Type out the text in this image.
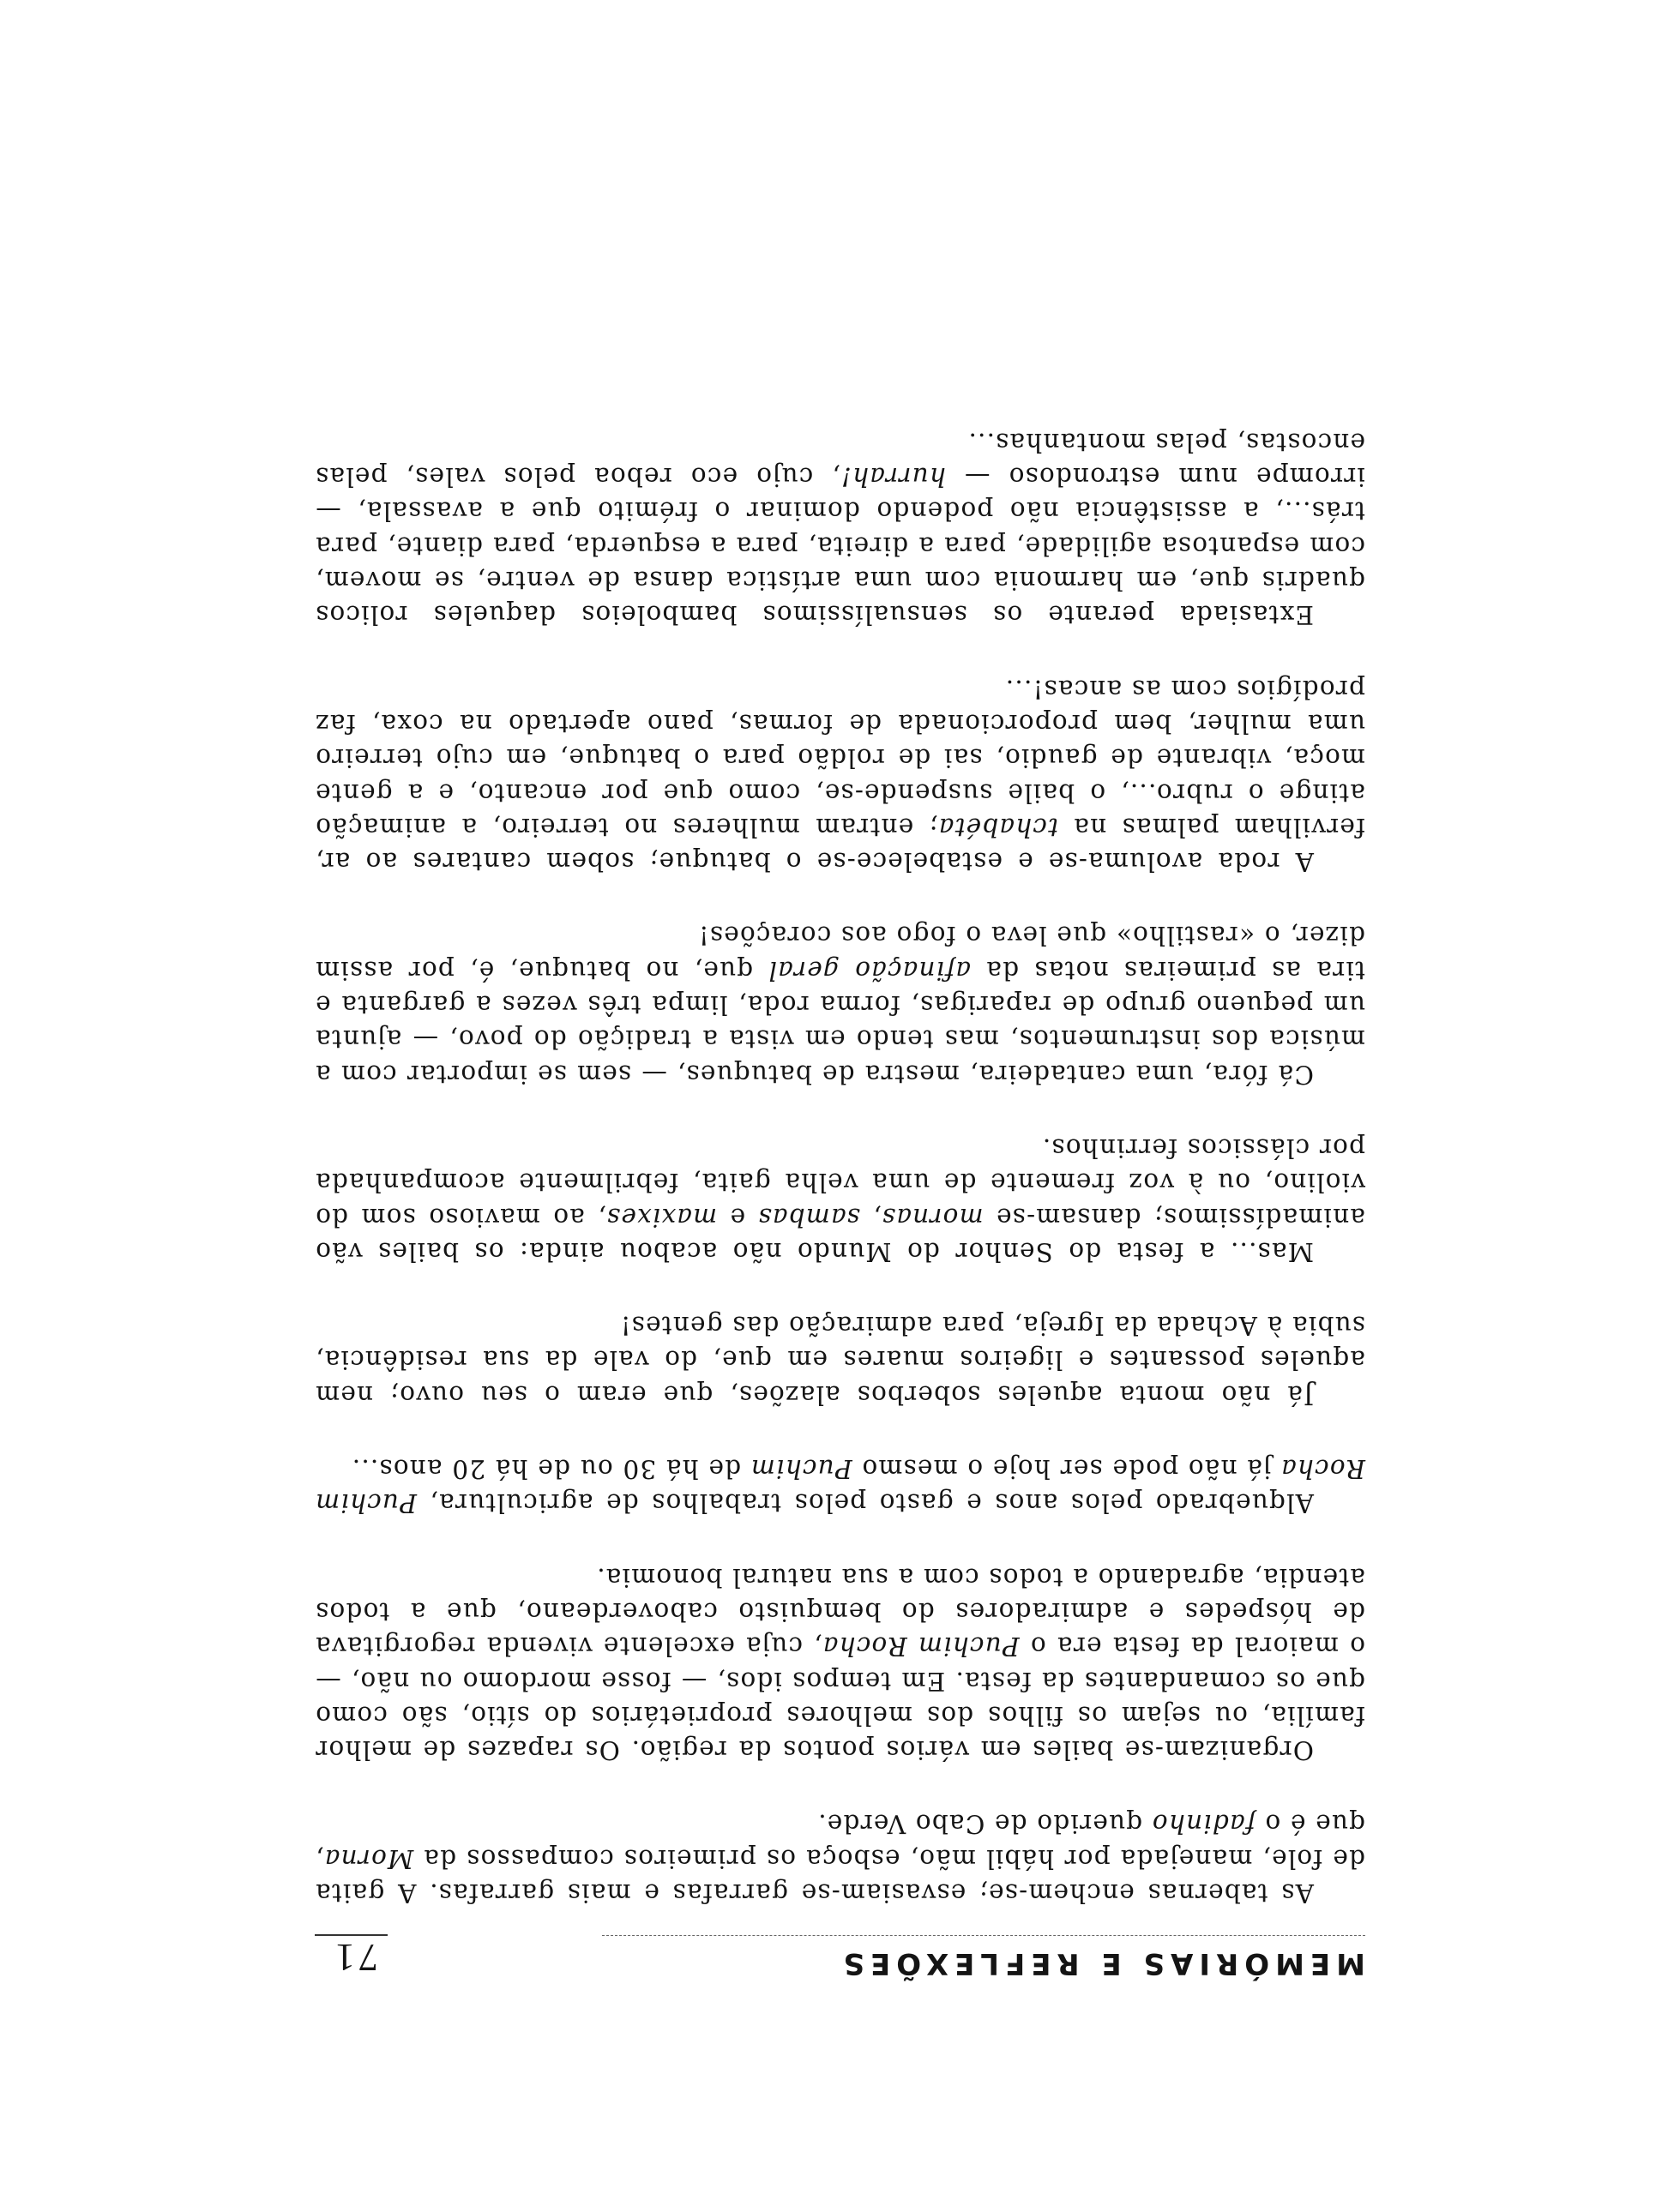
MEMÓRIAS E REFLEXÕES
71

As tabernas enchem-se; esvasiam-se garrafas e mais garrafas. A gaita de fole, manejada por hábil mão, esboça os primeiros compassos da Morna, que é o fadinho querido de Cabo Verde.

Organizam-se bailes em vários pontos da região. Os rapazes de melhor família, ou sejam os filhos dos melhores proprietários do sítio, são como que os comandantes da festa. Em tempos idos, — fosse mordomo ou não, — o maioral da festa era o Puchim Rocha, cuja excelente vivenda regorgitava de hóspedes e admiradores do bemquisto caboverdeano, que a todos atendia, agradando a todos com a sua natural bonomia.

Alquebrado pelos anos e gasto pelos trabalhos de agricultura, Puchim Rocha já não pode ser hoje o mesmo Puchim de há 30 ou de há 20 anos...

Já não monta aqueles soberbos alazões, que eram o seu ouvo; nem aqueles possantes e ligeiros muares em que, do vale da sua residência, subia à Achada da Igreja, para admiração das gentes!

Mas... a festa do Senhor do Mundo não acabou ainda: os bailes vão animadíssimos; dansam-se mornas, sambas e maxixes, ao mavioso som do violino, ou à voz fremente de uma velha gaita, febrilmente acompanhada por clássicos ferrinhos.

Cá fóra, uma cantadeira, mestra de batuques, — sem se importar com a música dos instrumentos, mas tendo em vista a tradição do povo, — ajunta um pequeno grupo de raparigas, forma roda, limpa três vezes a garganta e tira as primeiras notas da afinação geral que, no batuque, é, por assim dizer, o «rastilho» que leva o fogo aos corações!

A roda avoluma-se e estabelece-se o batuque; sobem cantares ao ar, fervilham palmas na tchabéta; entram mulheres no terreiro, a animação atinge o rubro..., o baile suspende-se, como que por encanto, e a gente moça, vibrante de gaudio, sai de roldão para o batuque, em cujo terreiro uma mulher, bem proporcionada de formas, pano apertado na coxa, faz prodígios com as ancas!...

Extasiada perante os sensualíssimos bamboleios daqueles rolicos quadris que, em harmonia com uma artística dansa de ventre, se movem, com espantosa agilidade, para a direita, para a esquerda, para diante, para trás..., a assistência não podendo dominar o frémito que a avassala, — irrompe num estrondoso — hurrah!, cujo eco reboa pelos vales, pelas encostas, pelas montanhas...
